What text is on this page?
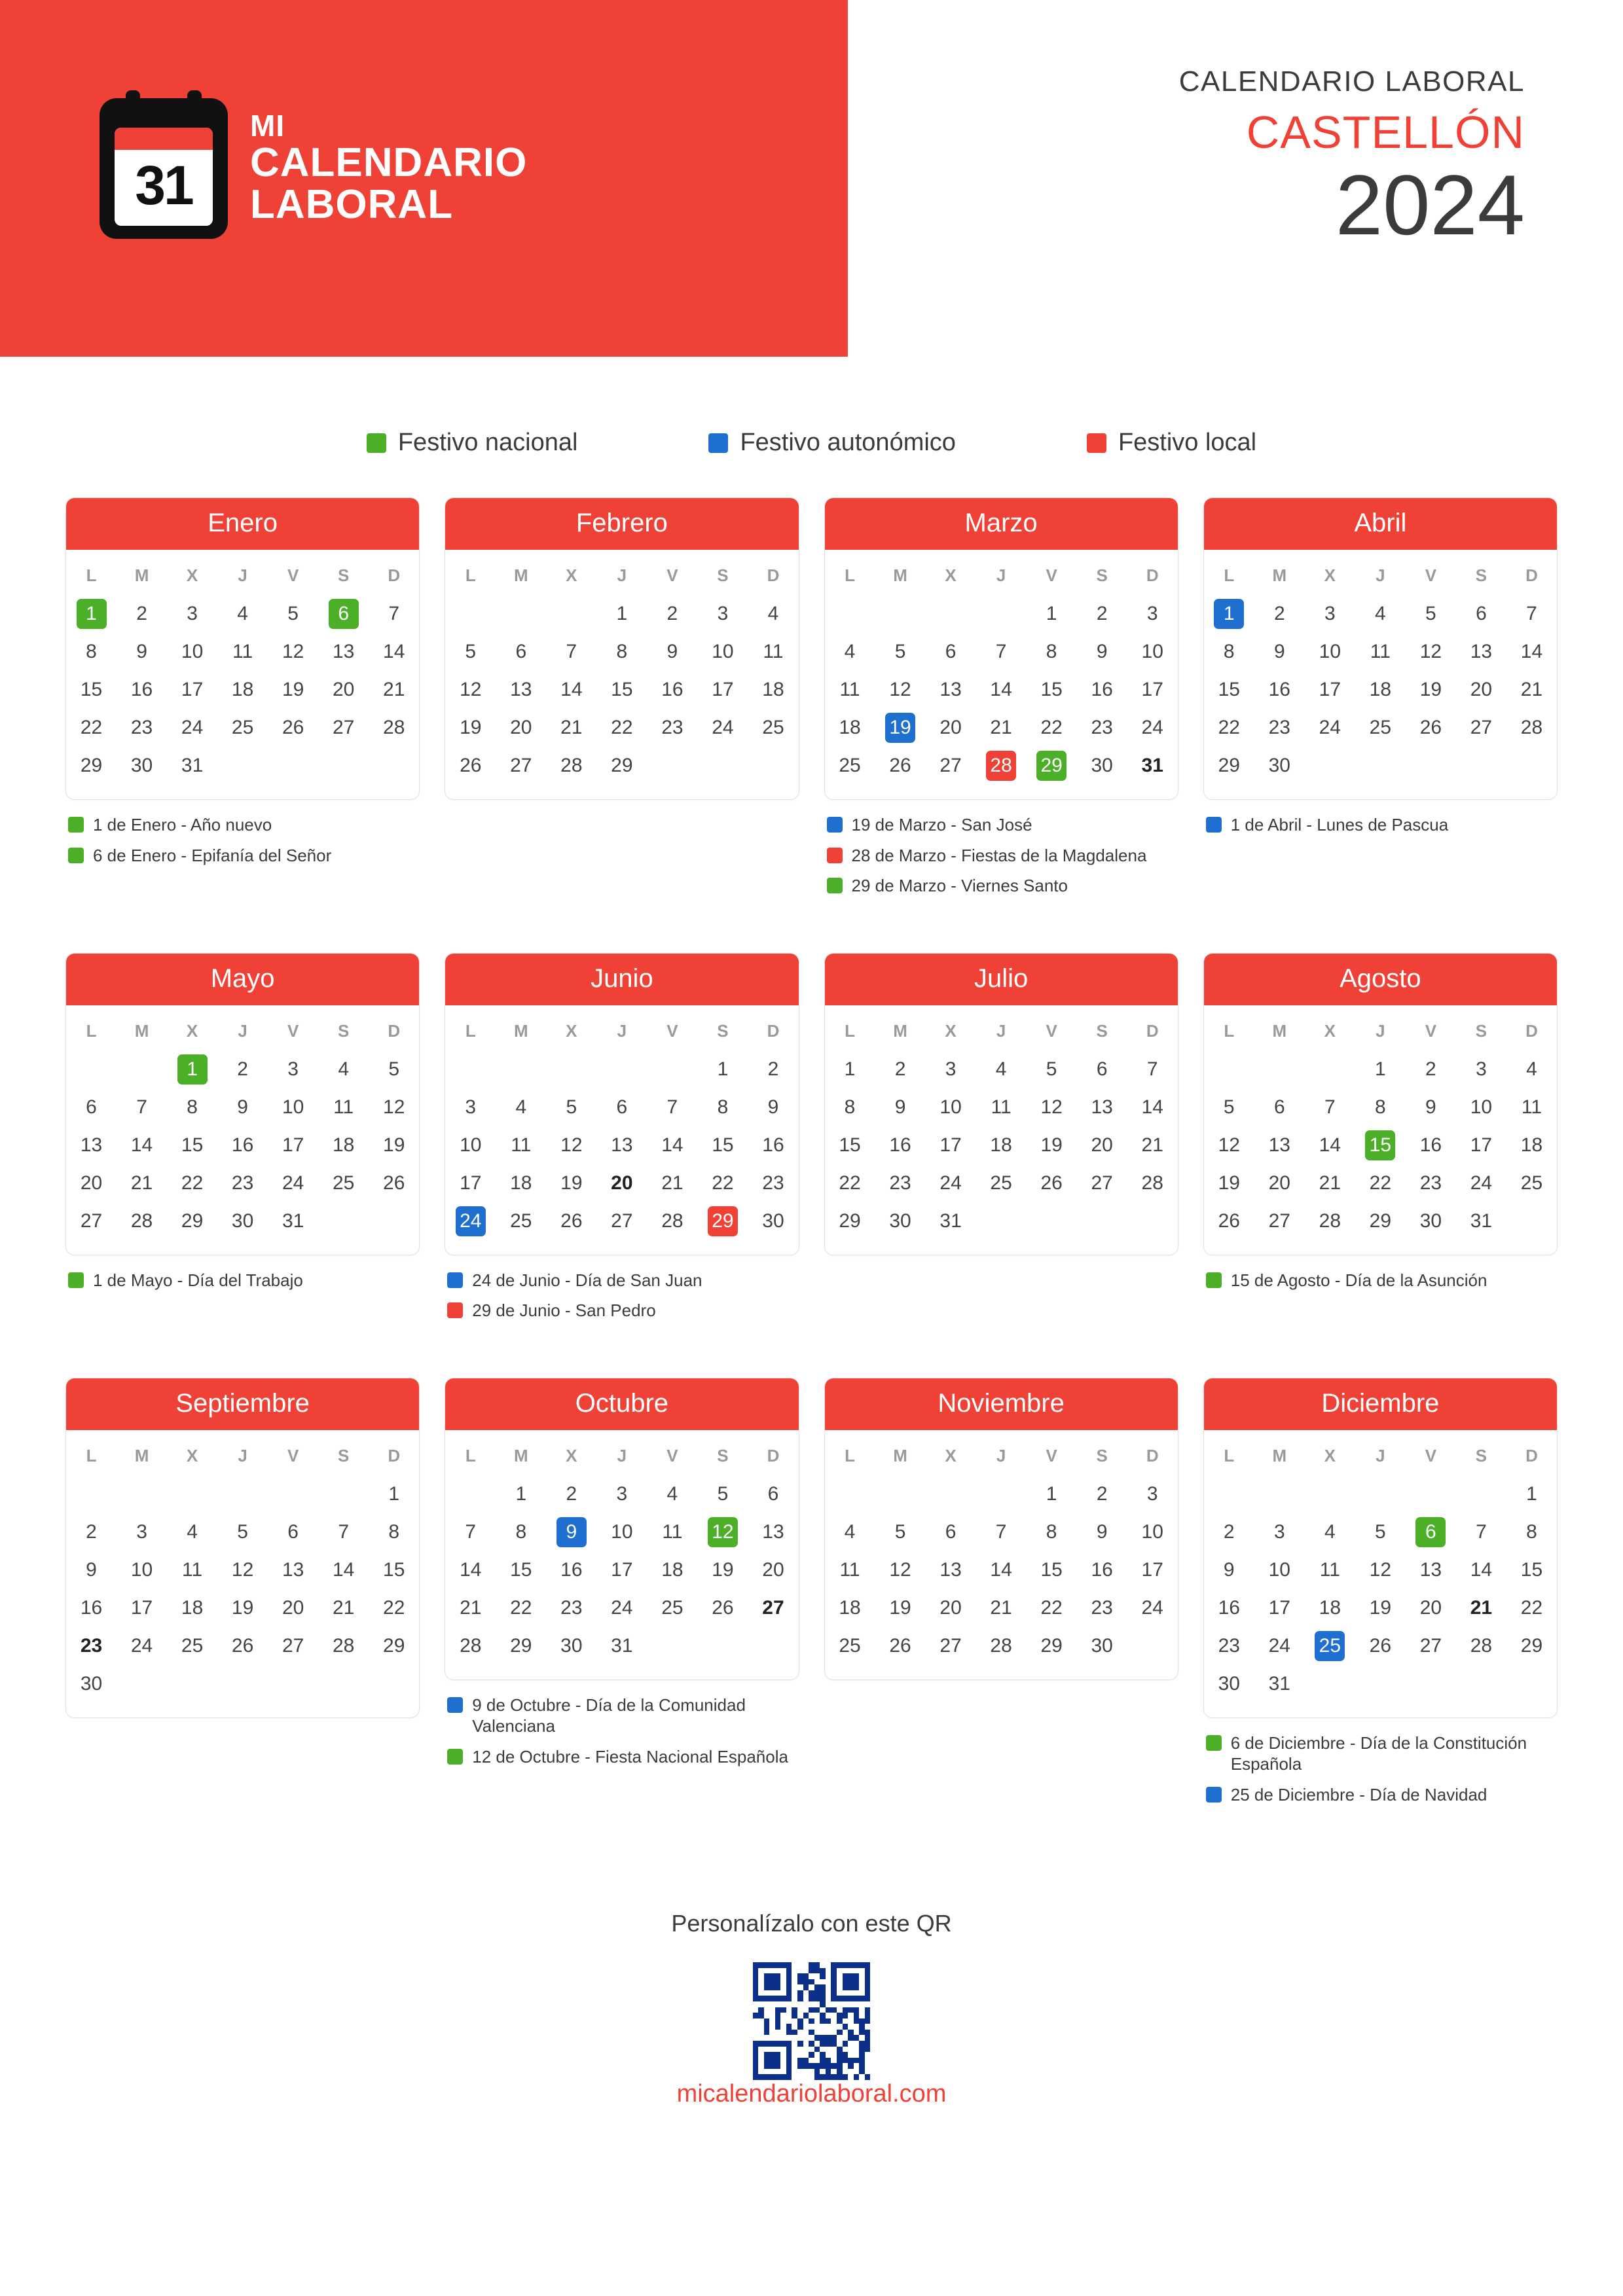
31
MI
CALENDARIO
LABORAL
CALENDARIO LABORAL
CASTELLÓN
2024
Festivo nacional	Festivo autonómico	Festivo local
Enero
L	M	X	J	V	S	D
1	2	3	4	5	6	7
8	9	10	11	12	13	14
15	16	17	18	19	20	21
22	23	24	25	26	27	28
29	30	31				
1 de Enero - Año nuevo
6 de Enero - Epifanía del Señor
Febrero
L	M	X	J	V	S	D
			1	2	3	4
5	6	7	8	9	10	11
12	13	14	15	16	17	18
19	20	21	22	23	24	25
26	27	28	29			
Marzo
L	M	X	J	V	S	D
				1	2	3
4	5	6	7	8	9	10
11	12	13	14	15	16	17
18	19	20	21	22	23	24
25	26	27	28	29	30	31
19 de Marzo - San José
28 de Marzo - Fiestas de la Magdalena
29 de Marzo - Viernes Santo
Abril
L	M	X	J	V	S	D
1	2	3	4	5	6	7
8	9	10	11	12	13	14
15	16	17	18	19	20	21
22	23	24	25	26	27	28
29	30					
1 de Abril - Lunes de Pascua
Mayo
L	M	X	J	V	S	D
		1	2	3	4	5
6	7	8	9	10	11	12
13	14	15	16	17	18	19
20	21	22	23	24	25	26
27	28	29	30	31		
1 de Mayo - Día del Trabajo
Junio
L	M	X	J	V	S	D
					1	2
3	4	5	6	7	8	9
10	11	12	13	14	15	16
17	18	19	20	21	22	23
24	25	26	27	28	29	30
24 de Junio - Día de San Juan
29 de Junio - San Pedro
Julio
L	M	X	J	V	S	D
1	2	3	4	5	6	7
8	9	10	11	12	13	14
15	16	17	18	19	20	21
22	23	24	25	26	27	28
29	30	31				
Agosto
L	M	X	J	V	S	D
			1	2	3	4
5	6	7	8	9	10	11
12	13	14	15	16	17	18
19	20	21	22	23	24	25
26	27	28	29	30	31	
15 de Agosto - Día de la Asunción
Septiembre
L	M	X	J	V	S	D
						1
2	3	4	5	6	7	8
9	10	11	12	13	14	15
16	17	18	19	20	21	22
23	24	25	26	27	28	29
30						
Octubre
L	M	X	J	V	S	D
	1	2	3	4	5	6
7	8	9	10	11	12	13
14	15	16	17	18	19	20
21	22	23	24	25	26	27
28	29	30	31			
9 de Octubre - Día de la Comunidad Valenciana
12 de Octubre - Fiesta Nacional Española
Noviembre
L	M	X	J	V	S	D
				1	2	3
4	5	6	7	8	9	10
11	12	13	14	15	16	17
18	19	20	21	22	23	24
25	26	27	28	29	30	
Diciembre
L	M	X	J	V	S	D
						1
2	3	4	5	6	7	8
9	10	11	12	13	14	15
16	17	18	19	20	21	22
23	24	25	26	27	28	29
30	31					
6 de Diciembre - Día de la Constitución Española
25 de Diciembre - Día de Navidad
Personalízalo con este QR
micalendariolaboral.com
